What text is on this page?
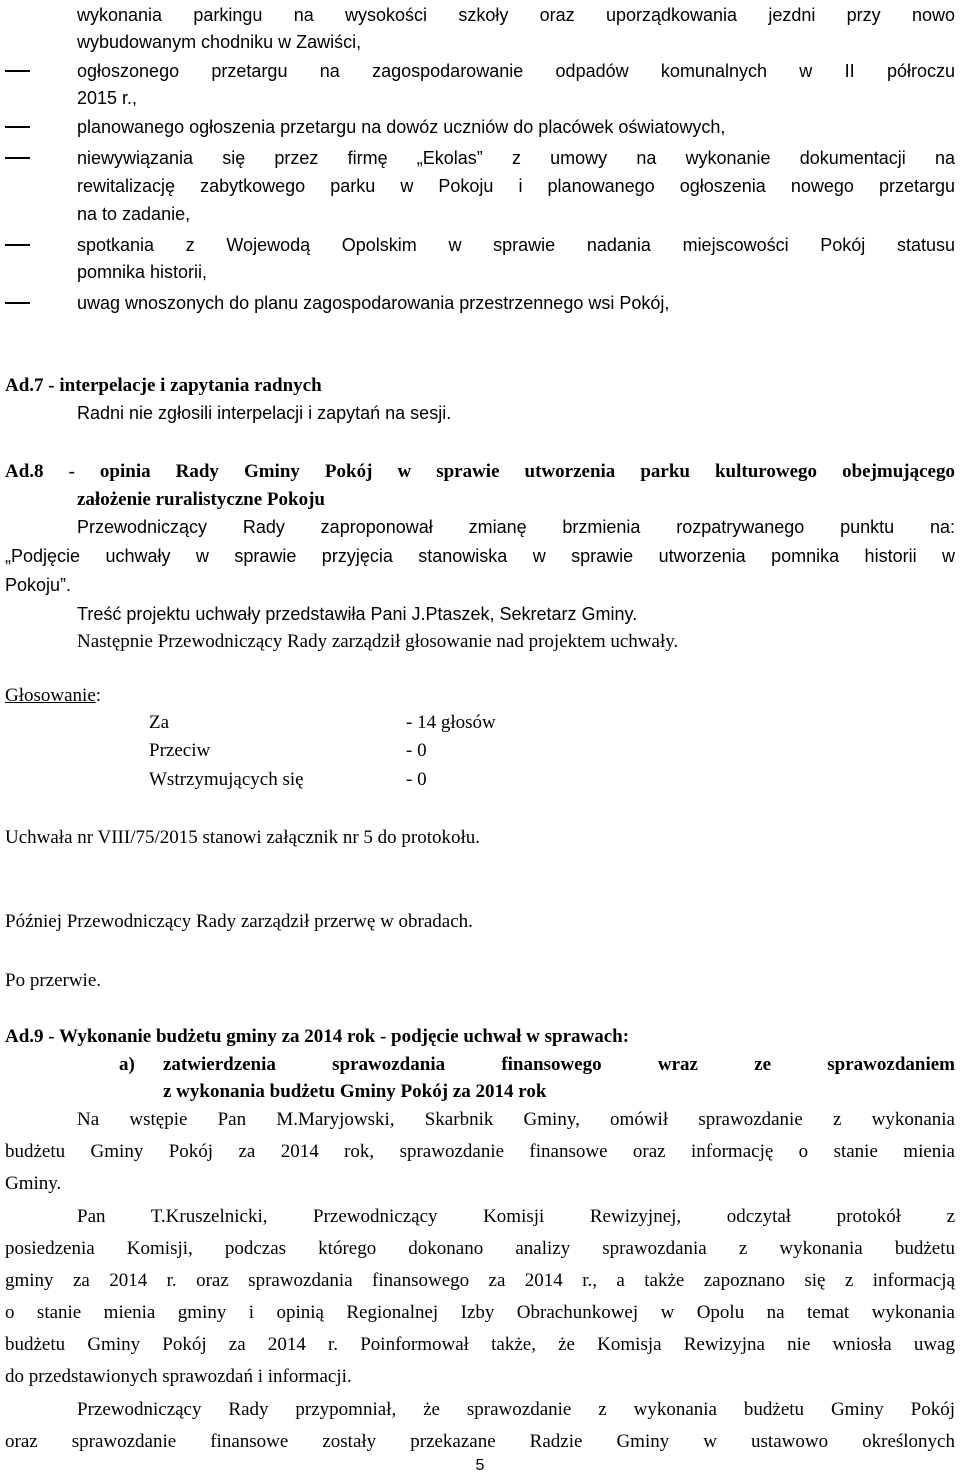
wykonania parkingu na wysokości szkoły oraz uporządkowania jezdni przy nowo
wybudowanym chodniku w Zawiści,
ogłoszonego przetargu na zagospodarowanie odpadów komunalnych w II półroczu
2015 r.,
planowanego ogłoszenia przetargu na dowóz uczniów do placówek oświatowych,
niewywiązania się przez firmę „Ekolas” z umowy na wykonanie dokumentacji na
rewitalizację zabytkowego parku w Pokoju i planowanego ogłoszenia nowego przetargu
na to zadanie,
spotkania z Wojewodą Opolskim w sprawie nadania miejscowości Pokój statusu
pomnika historii,
uwag wnoszonych do planu zagospodarowania przestrzennego wsi Pokój,
Ad.7 - interpelacje i zapytania radnych
Radni nie zgłosili interpelacji i zapytań na sesji.
Ad.8 - opinia Rady Gminy Pokój w sprawie utworzenia parku kulturowego obejmującego
założenie ruralistyczne Pokoju
Przewodniczący Rady zaproponował zmianę brzmienia rozpatrywanego punktu na:
„Podjęcie uchwały w sprawie przyjęcia stanowiska w sprawie utworzenia pomnika historii w
Pokoju”.
Treść projektu uchwały przedstawiła Pani J.Ptaszek, Sekretarz Gminy.
Następnie Przewodniczący Rady zarządził głosowanie nad projektem uchwały.
Głosowanie:
Za	- 14 głosów
Przeciw	- 0
Wstrzymujących się	- 0
Uchwała nr VIII/75/2015 stanowi załącznik nr 5 do protokołu.
Później Przewodniczący Rady zarządził przerwę w obradach.
Po przerwie.
Ad.9 - Wykonanie budżetu gminy za 2014 rok - podjęcie uchwał w sprawach:
a) zatwierdzenia sprawozdania finansowego wraz ze sprawozdaniem
z wykonania budżetu Gminy Pokój za 2014 rok
Na wstępie Pan M.Maryjowski, Skarbnik Gminy, omówił sprawozdanie z wykonania
budżetu Gminy Pokój za 2014 rok, sprawozdanie finansowe oraz informację o stanie mienia
Gminy.
Pan T.Kruszelnicki, Przewodniczący Komisji Rewizyjnej, odczytał protokół z
posiedzenia Komisji, podczas którego dokonano analizy sprawozdania z wykonania budżetu
gminy za 2014 r. oraz sprawozdania finansowego za 2014 r., a także zapoznano się z informacją
o stanie mienia gminy i opinią Regionalnej Izby Obrachunkowej w Opolu na temat wykonania
budżetu Gminy Pokój za 2014 r. Poinformował także, że Komisja Rewizyjna nie wniosła uwag
do przedstawionych sprawozdań i informacji.
Przewodniczący Rady przypomniał, że sprawozdanie z wykonania budżetu Gminy Pokój
oraz sprawozdanie finansowe zostały przekazane Radzie Gminy w ustawowo określonych
5
